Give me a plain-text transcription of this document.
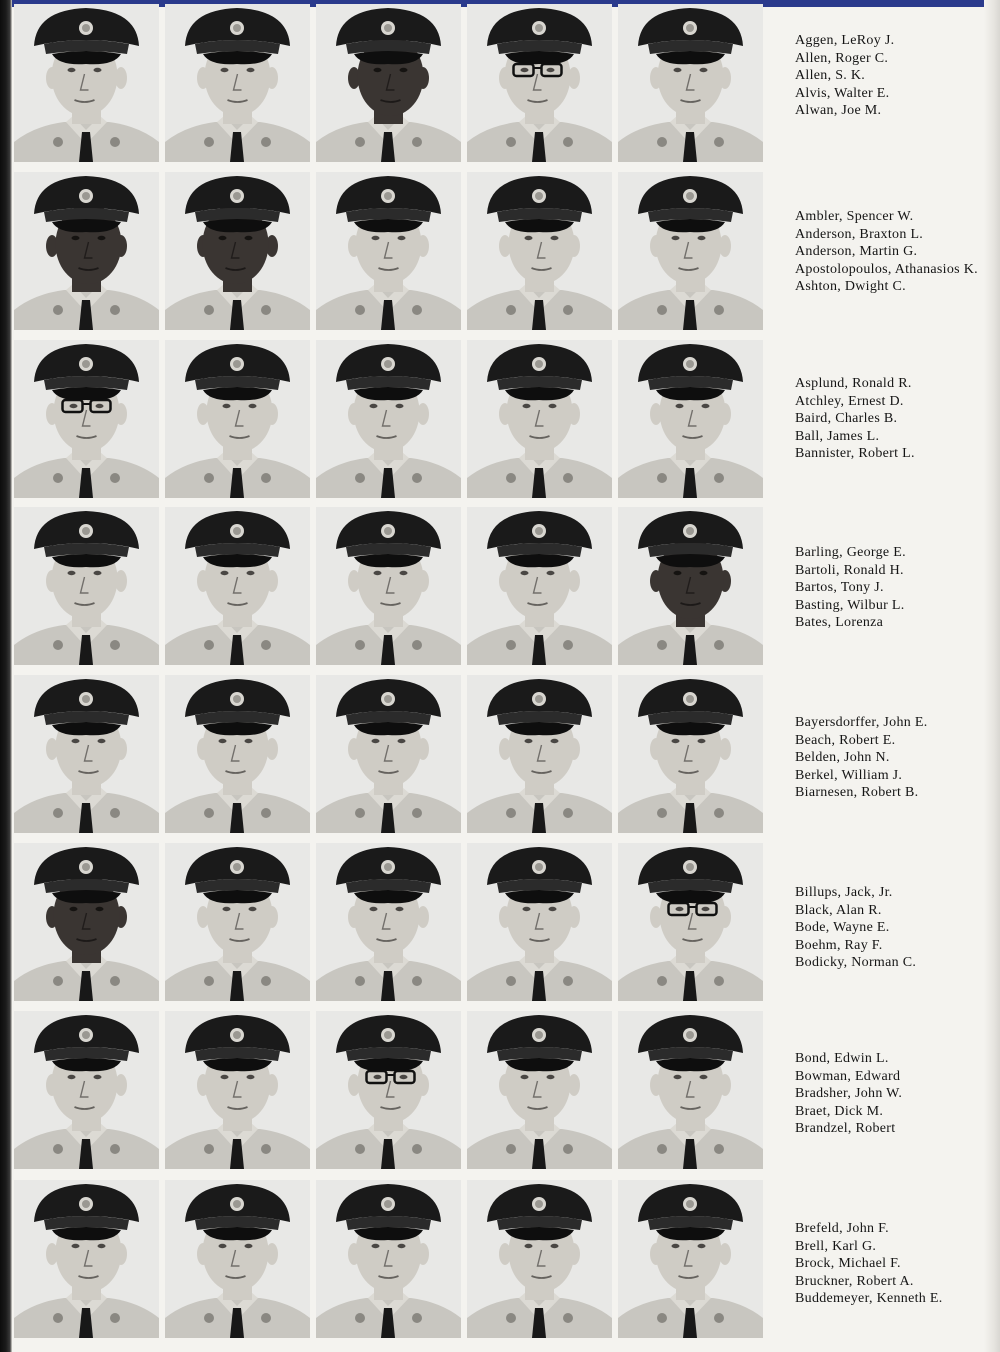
Aggen, LeRoy J.
Allen, Roger C.
Allen, S. K.
Alvis, Walter E.
Alwan, Joe M.
Ambler, Spencer W.
Anderson, Braxton L.
Anderson, Martin G.
Apostolopoulos, Athanasios K.
Ashton, Dwight C.
Asplund, Ronald R.
Atchley, Ernest D.
Baird, Charles B.
Ball, James L.
Bannister, Robert L.
Barling, George E.
Bartoli, Ronald H.
Bartos, Tony J.
Basting, Wilbur L.
Bates, Lorenza
Bayersdorffer, John E.
Beach, Robert E.
Belden, John N.
Berkel, William J.
Biarnesen, Robert B.
Billups, Jack, Jr.
Black, Alan R.
Bode, Wayne E.
Boehm, Ray F.
Bodicky, Norman C.
Bond, Edwin L.
Bowman, Edward
Bradsher, John W.
Braet, Dick M.
Brandzel, Robert
Brefeld, John F.
Brell, Karl G.
Brock, Michael F.
Bruckner, Robert A.
Buddemeyer, Kenneth E.
